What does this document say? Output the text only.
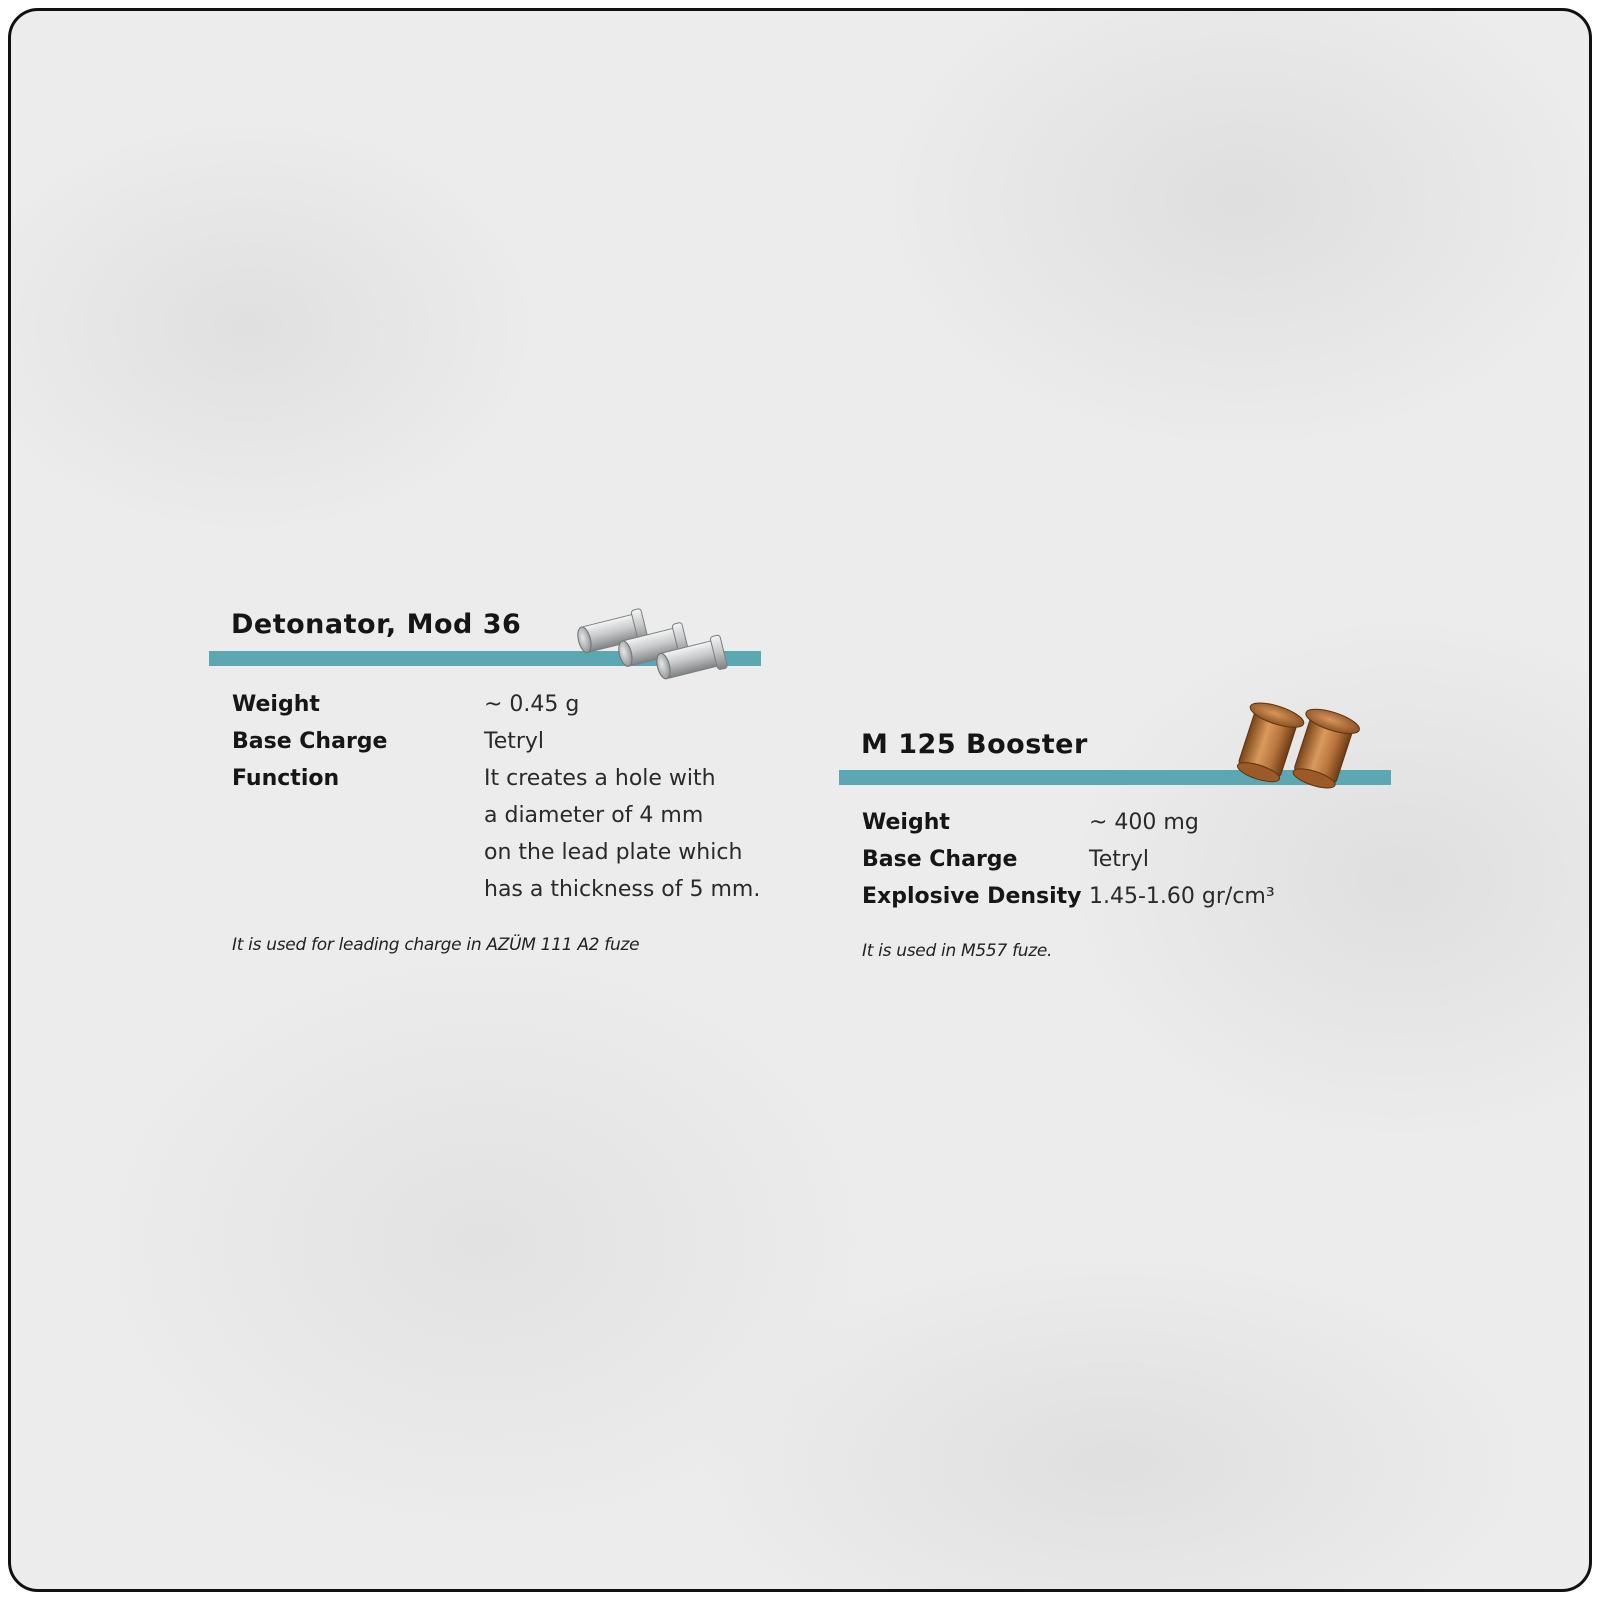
Detonator, Mod 36
Weight	~ 0.45 g
Base Charge	Tetryl
Function	It creates a hole with
a diameter of 4 mm
on the lead plate which
has a thickness of 5 mm.
It is used for leading charge in AZÜM 111 A2 fuze
M 125 Booster
Weight	~ 400 mg
Base Charge	Tetryl
Explosive Density 1.45-1.60 gr/cm³
It is used in M557 fuze.
